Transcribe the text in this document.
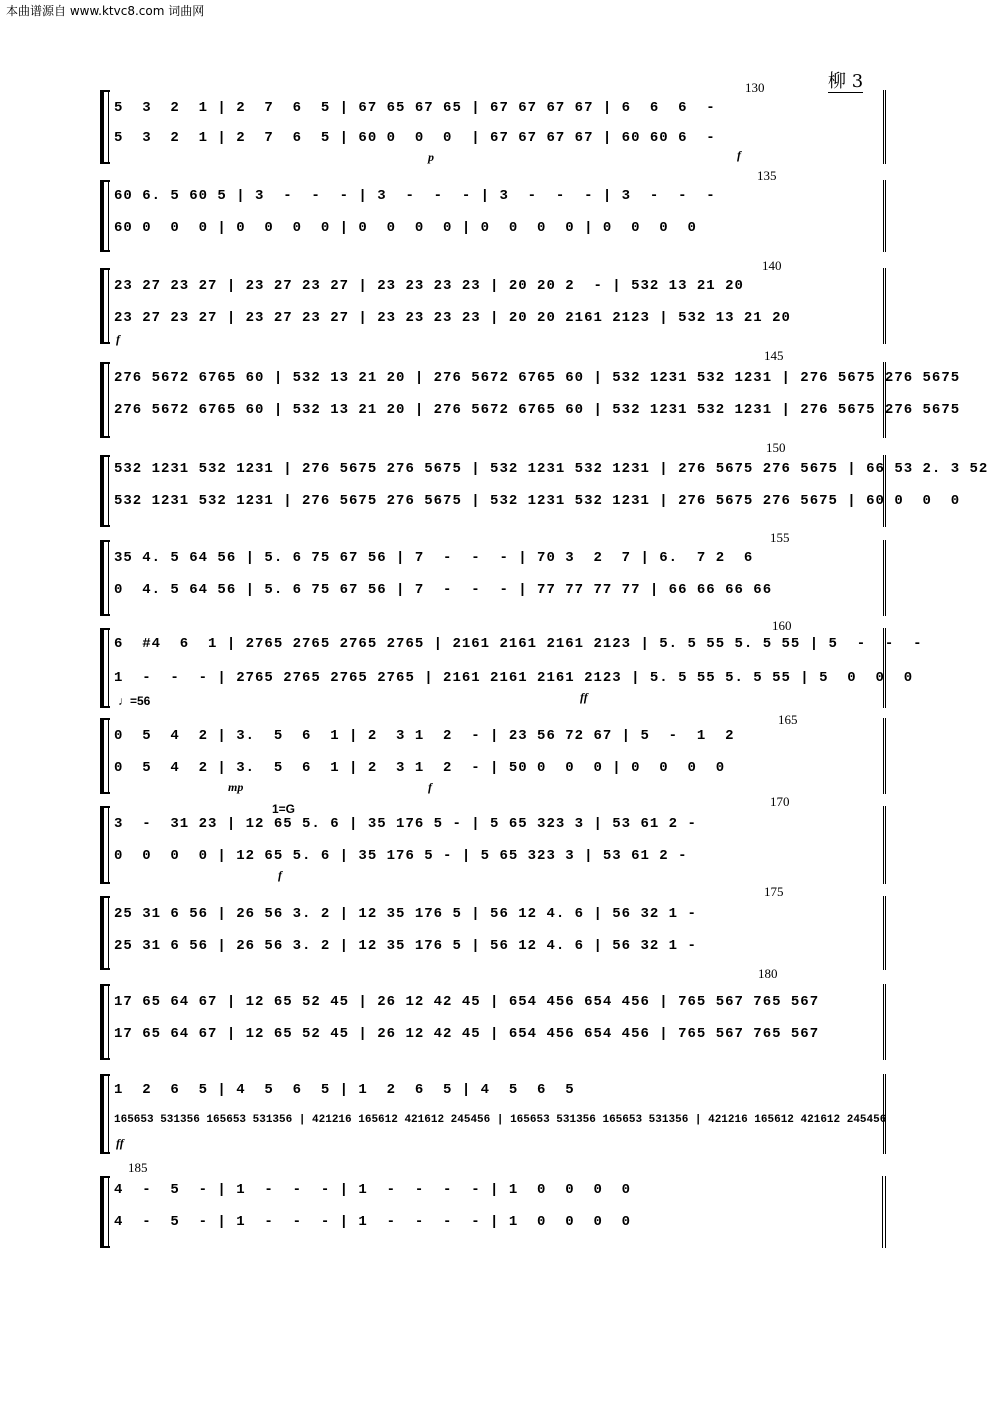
本曲谱源自 www.ktvc8.com 词曲网
柳 3
130
5  3  2  1 | 2  7  6  5 | 67 65 67 65 | 67 67 67 67 | 6  6  6  -
5  3  2  1 | 2  7  6  5 | 60 0  0  0  | 67 67 67 67 | 60 60 6  -
p	f
135
60 6. 5 60 5 | 3  -  -  - | 3  -  -  - | 3  -  -  - | 3  -  -  -
60 0  0  0 | 0  0  0  0 | 0  0  0  0 | 0  0  0  0 | 0  0  0  0
140
23 27 23 27 | 23 27 23 27 | 23 23 23 23 | 20 20 2  - | 532 13 21 20
23 27 23 27 | 23 27 23 27 | 23 23 23 23 | 20 20 2161 2123 | 532 13 21 20
f
145
276 5672 6765 60 | 532 13 21 20 | 276 5672 6765 60 | 532 1231 532 1231 | 276 5675 276 5675
276 5672 6765 60 | 532 13 21 20 | 276 5672 6765 60 | 532 1231 532 1231 | 276 5675 276 5675
150
532 1231 532 1231 | 276 5675 276 5675 | 532 1231 532 1231 | 276 5675 276 5675 | 66 53 2. 3 52
532 1231 532 1231 | 276 5675 276 5675 | 532 1231 532 1231 | 276 5675 276 5675 | 60 0  0  0
155
35 4. 5 64 56 | 5. 6 75 67 56 | 7  -  -  - | 70 3  2  7 | 6.  7 2  6
0  4. 5 64 56 | 5. 6 75 67 56 | 7  -  -  - | 77 77 77 77 | 66 66 66 66
160
6  #4  6  1 | 2765 2765 2765 2765 | 2161 2161 2161 2123 | 5. 5 55 5. 5 55 | 5  -  -  -
1  -  -  - | 2765 2765 2765 2765 | 2161 2161 2161 2123 | 5. 5 55 5. 5 55 | 5  0  0  0
♩=56	ff
165
0  5  4  2 | 3.  5  6  1 | 2  3 1  2  - | 23 56 72 67 | 5  -  1  2
0  5  4  2 | 3.  5  6  1 | 2  3 1  2  - | 50 0  0  0 | 0  0  0  0
mp	f
170
1=G
3  -  31 23 | 12 65 5. 6 | 35 176 5 - | 5 65 323 3 | 53 61 2 -
0  0  0  0 | 12 65 5. 6 | 35 176 5 - | 5 65 323 3 | 53 61 2 -
f
175
25 31 6 56 | 26 56 3. 2 | 12 35 176 5 | 56 12 4. 6 | 56 32 1 -
25 31 6 56 | 26 56 3. 2 | 12 35 176 5 | 56 12 4. 6 | 56 32 1 -
180
17 65 64 67 | 12 65 52 45 | 26 12 42 45 | 654 456 654 456 | 765 567 765 567
17 65 64 67 | 12 65 52 45 | 26 12 42 45 | 654 456 654 456 | 765 567 765 567
1  2  6  5 | 4  5  6  5 | 1  2  6  5 | 4  5  6  5
165653 531356 165653 531356 | 421216 165612 421612 245456 | 165653 531356 165653 531356 | 421216 165612 421612 245456
ff
185
4  -  5  - | 1  -  -  - | 1  -  -  -  - | 1  0  0  0  0
4  -  5  - | 1  -  -  - | 1  -  -  -  - | 1  0  0  0  0
